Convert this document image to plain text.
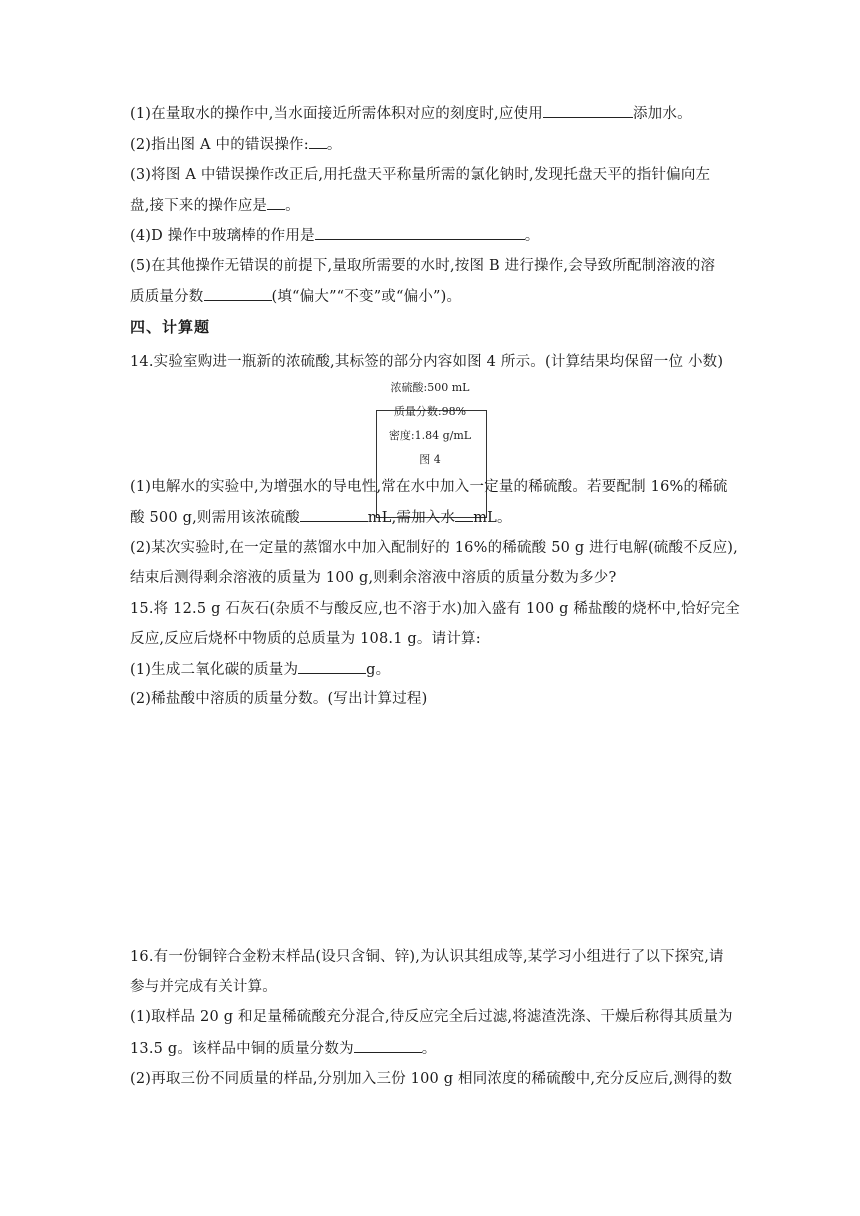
(1)在量取水的操作中,当水面接近所需体积对应的刻度时,应使用	添加水。
(2)指出图 A 中的错误操作: 。
(3)将图 A 中错误操作改正后,用托盘天平称量所需的氯化钠时,发现托盘天平的指针偏向左
盘,接下来的操作应是 。
(4)D 操作中玻璃棒的作用是	。
(5)在其他操作无错误的前提下,量取所需要的水时,按图 B 进行操作,会导致所配制溶液的溶
质质量分数	(填“偏大”“不变”或“偏小”)。
四、计算题
14.实验室购进一瓶新的浓硫酸,其标签的部分内容如图 4 所示。(计算结果均保留一位 小数)
浓硫酸:500 mL
质量分数:98%
密度:1.84 g/mL
图 4
(1)电解水的实验中,为增强水的导电性,常在水中加入一定量的稀硫酸。若要配制 16%的稀硫
酸 500 g,则需用该浓硫酸	mL,需加入水 mL。
(2)某次实验时,在一定量的蒸馏水中加入配制好的 16%的稀硫酸 50 g 进行电解(硫酸不反应),
结束后测得剩余溶液的质量为 100 g,则剩余溶液中溶质的质量分数为多少?
15.将 12.5 g 石灰石(杂质不与酸反应,也不溶于水)加入盛有 100 g 稀盐酸的烧杯中,恰好完全
反应,反应后烧杯中物质的总质量为 108.1 g。请计算:
(1)生成二氧化碳的质量为	g。
(2)稀盐酸中溶质的质量分数。(写出计算过程)
16.有一份铜锌合金粉末样品(设只含铜、锌),为认识其组成等,某学习小组进行了以下探究,请
参与并完成有关计算。
(1)取样品 20 g 和足量稀硫酸充分混合,待反应完全后过滤,将滤渣洗涤、干燥后称得其质量为
13.5 g。该样品中铜的质量分数为	。
(2)再取三份不同质量的样品,分别加入三份 100 g 相同浓度的稀硫酸中,充分反应后,测得的数
